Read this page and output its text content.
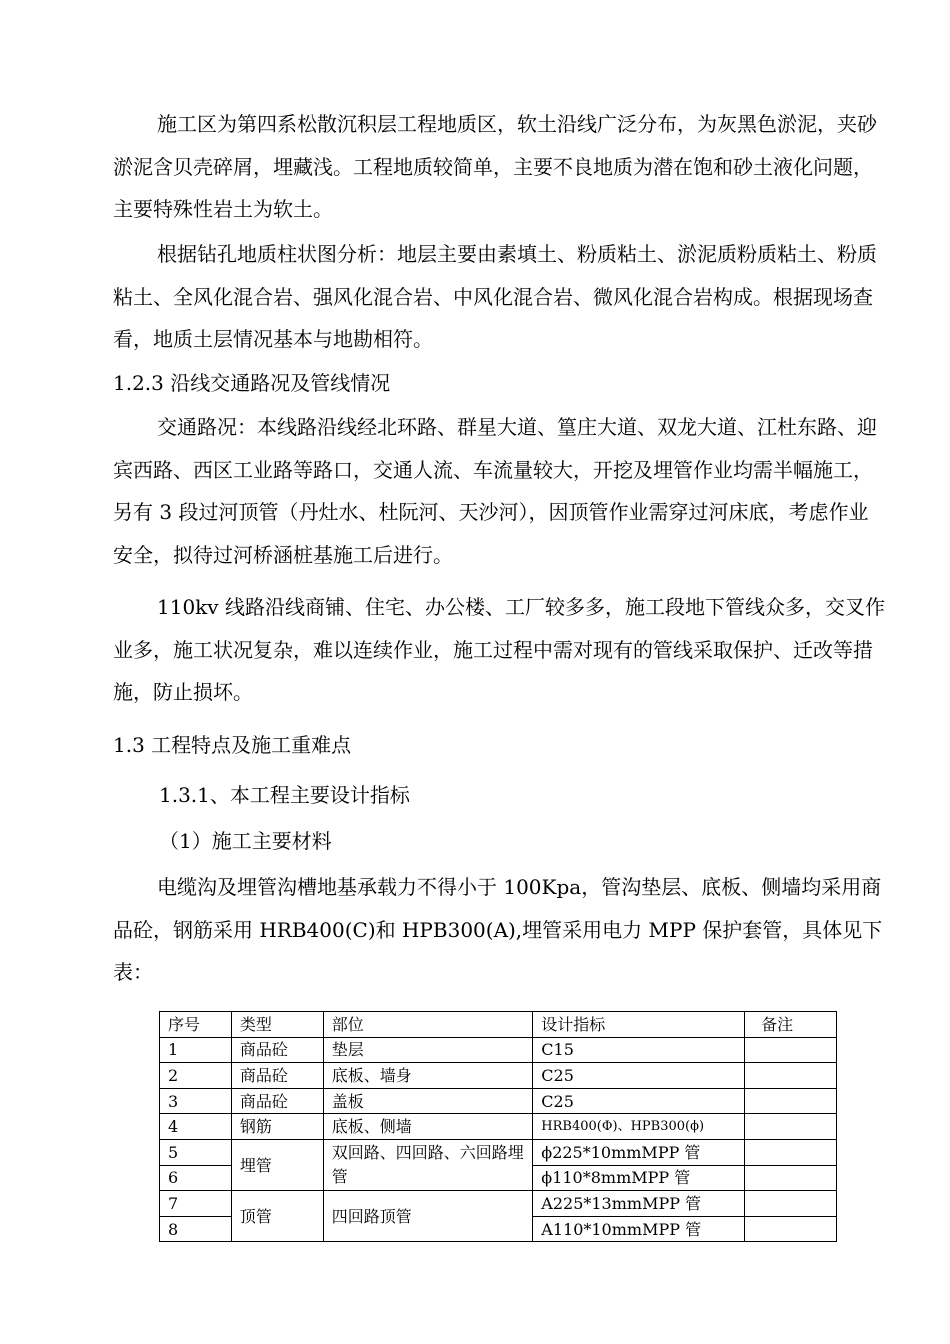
施工区为第四系松散沉积层工程地质区，软土沿线广泛分布，为灰黑色淤泥，夹砂淤泥含贝壳碎屑，埋藏浅。工程地质较简单，主要不良地质为潜在饱和砂土液化问题，主要特殊性岩土为软土。

根据钻孔地质柱状图分析：地层主要由素填土、粉质粘土、淤泥质粉质粘土、粉质粘土、全风化混合岩、强风化混合岩、中风化混合岩、微风化混合岩构成。根据现场查看，地质土层情况基本与地勘相符。

1.2.3 沿线交通路况及管线情况

交通路况：本线路沿线经北环路、群星大道、篁庄大道、双龙大道、江杜东路、迎宾西路、西区工业路等路口，交通人流、车流量较大，开挖及埋管作业均需半幅施工，另有 3 段过河顶管（丹灶水、杜阮河、天沙河），因顶管作业需穿过河床底，考虑作业安全，拟待过河桥涵桩基施工后进行。

110kv 线路沿线商铺、住宅、办公楼、工厂较多多，施工段地下管线众多，交叉作业多，施工状况复杂，难以连续作业，施工过程中需对现有的管线采取保护、迁改等措施，防止损坏。

1.3 工程特点及施工重难点

1.3.1、本工程主要设计指标

（1）施工主要材料

电缆沟及埋管沟槽地基承载力不得小于 100Kpa，管沟垫层、底板、侧墙均采用商品砼，钢筋采用 HRB400(C)和 HPB300(A),埋管采用电力 MPP 保护套管，具体见下表：

序号	类型	部位	设计指标	备注
1	商品砼	垫层	C15	
2	商品砼	底板、墙身	C25	
3	商品砼	盖板	C25	
4	钢筋	底板、侧墙	HRB400(Φ)、HPB300(ϕ)	
5	埋管	双回路、四回路、六回路埋管	ϕ225*10mmMPP 管	
6			ϕ110*8mmMPP 管	
7	顶管	四回路顶管	A225*13mmMPP 管	
8			A110*10mmMPP 管	
